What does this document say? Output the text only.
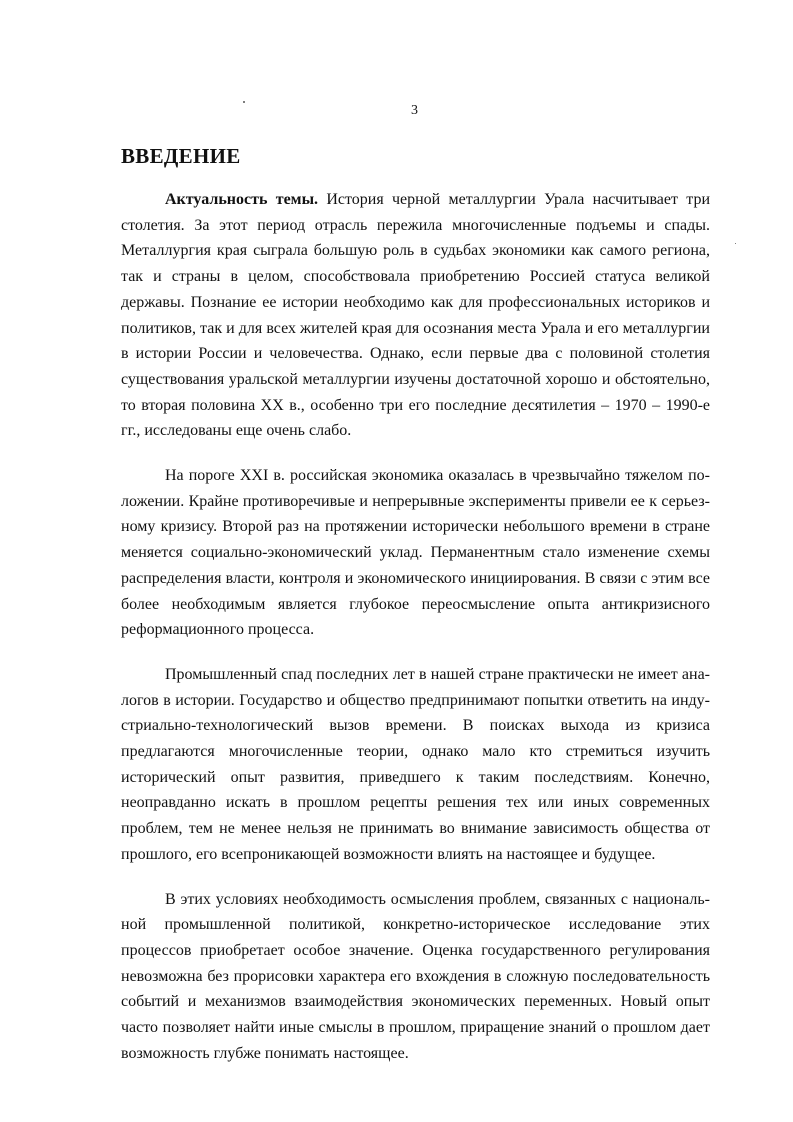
3
ВВЕДЕНИЕ

Актуальность темы. История черной металлургии Урала насчитывает три столетия. За этот период отрасль пережила многочисленные подъемы и спады. Металлургия края сыграла большую роль в судьбах экономики как самого региона, так и страны в целом, способствовала приобретению Россией статуса великой державы. Познание ее истории необходимо как для профессиональных историков и политиков, так и для всех жителей края для осознания места Урала и его металлургии в истории России и человечества. Однако, если первые два с половиной столетия существования уральской металлургии изучены достаточной хорошо и обстоятельно, то вторая половина XX в., особенно три его последние десятилетия – 1970 – 1990-е гг., исследованы еще очень слабо.

На пороге XXI в. российская экономика оказалась в чрезвычайно тяжелом положении. Крайне противоречивые и непрерывные эксперименты привели ее к серьезному кризису. Второй раз на протяжении исторически небольшого времени в стране меняется социально-экономический уклад. Перманентным стало изменение схемы распределения власти, контроля и экономического инициирования. В связи с этим все более необходимым является глубокое переосмысление опыта антикризисного реформационного процесса.

Промышленный спад последних лет в нашей стране практически не имеет аналогов в истории. Государство и общество предпринимают попытки ответить на индустриально-технологический вызов времени. В поисках выхода из кризиса предлагаются многочисленные теории, однако мало кто стремиться изучить исторический опыт развития, приведшего к таким последствиям. Конечно, неоправданно искать в прошлом рецепты решения тех или иных современных проблем, тем не менее нельзя не принимать во внимание зависимость общества от прошлого, его всепроникающей возможности влиять на настоящее и будущее.

В этих условиях необходимость осмысления проблем, связанных с национальной промышленной политикой, конкретно-историческое исследование этих процессов приобретает особое значение. Оценка государственного регулирования невозможна без прорисовки характера его вхождения в сложную последовательность событий и механизмов взаимодействия экономических переменных. Новый опыт часто позволяет найти иные смыслы в прошлом, приращение знаний о прошлом дает возможность глубже понимать настоящее.
